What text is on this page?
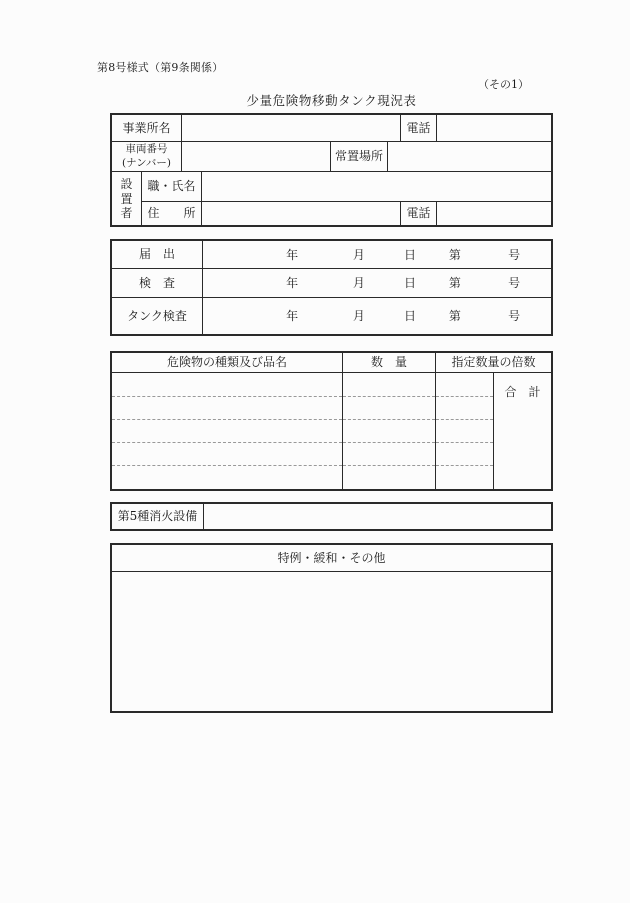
第8号様式（第9条関係）
（その1）
少量危険物移動タンク現況表
事業所名	電話
車両番号
(ナンバー)	常置場所
設
置
者
職・氏名
住　　所	電話
届　出	年	月	日	第	号
検　査	年	月	日	第	号
タンク検査	年	月	日	第	号
危険物の種類及び品名	数　量	指定数量の倍数
合　計
第5種消火設備
特例・緩和・その他
